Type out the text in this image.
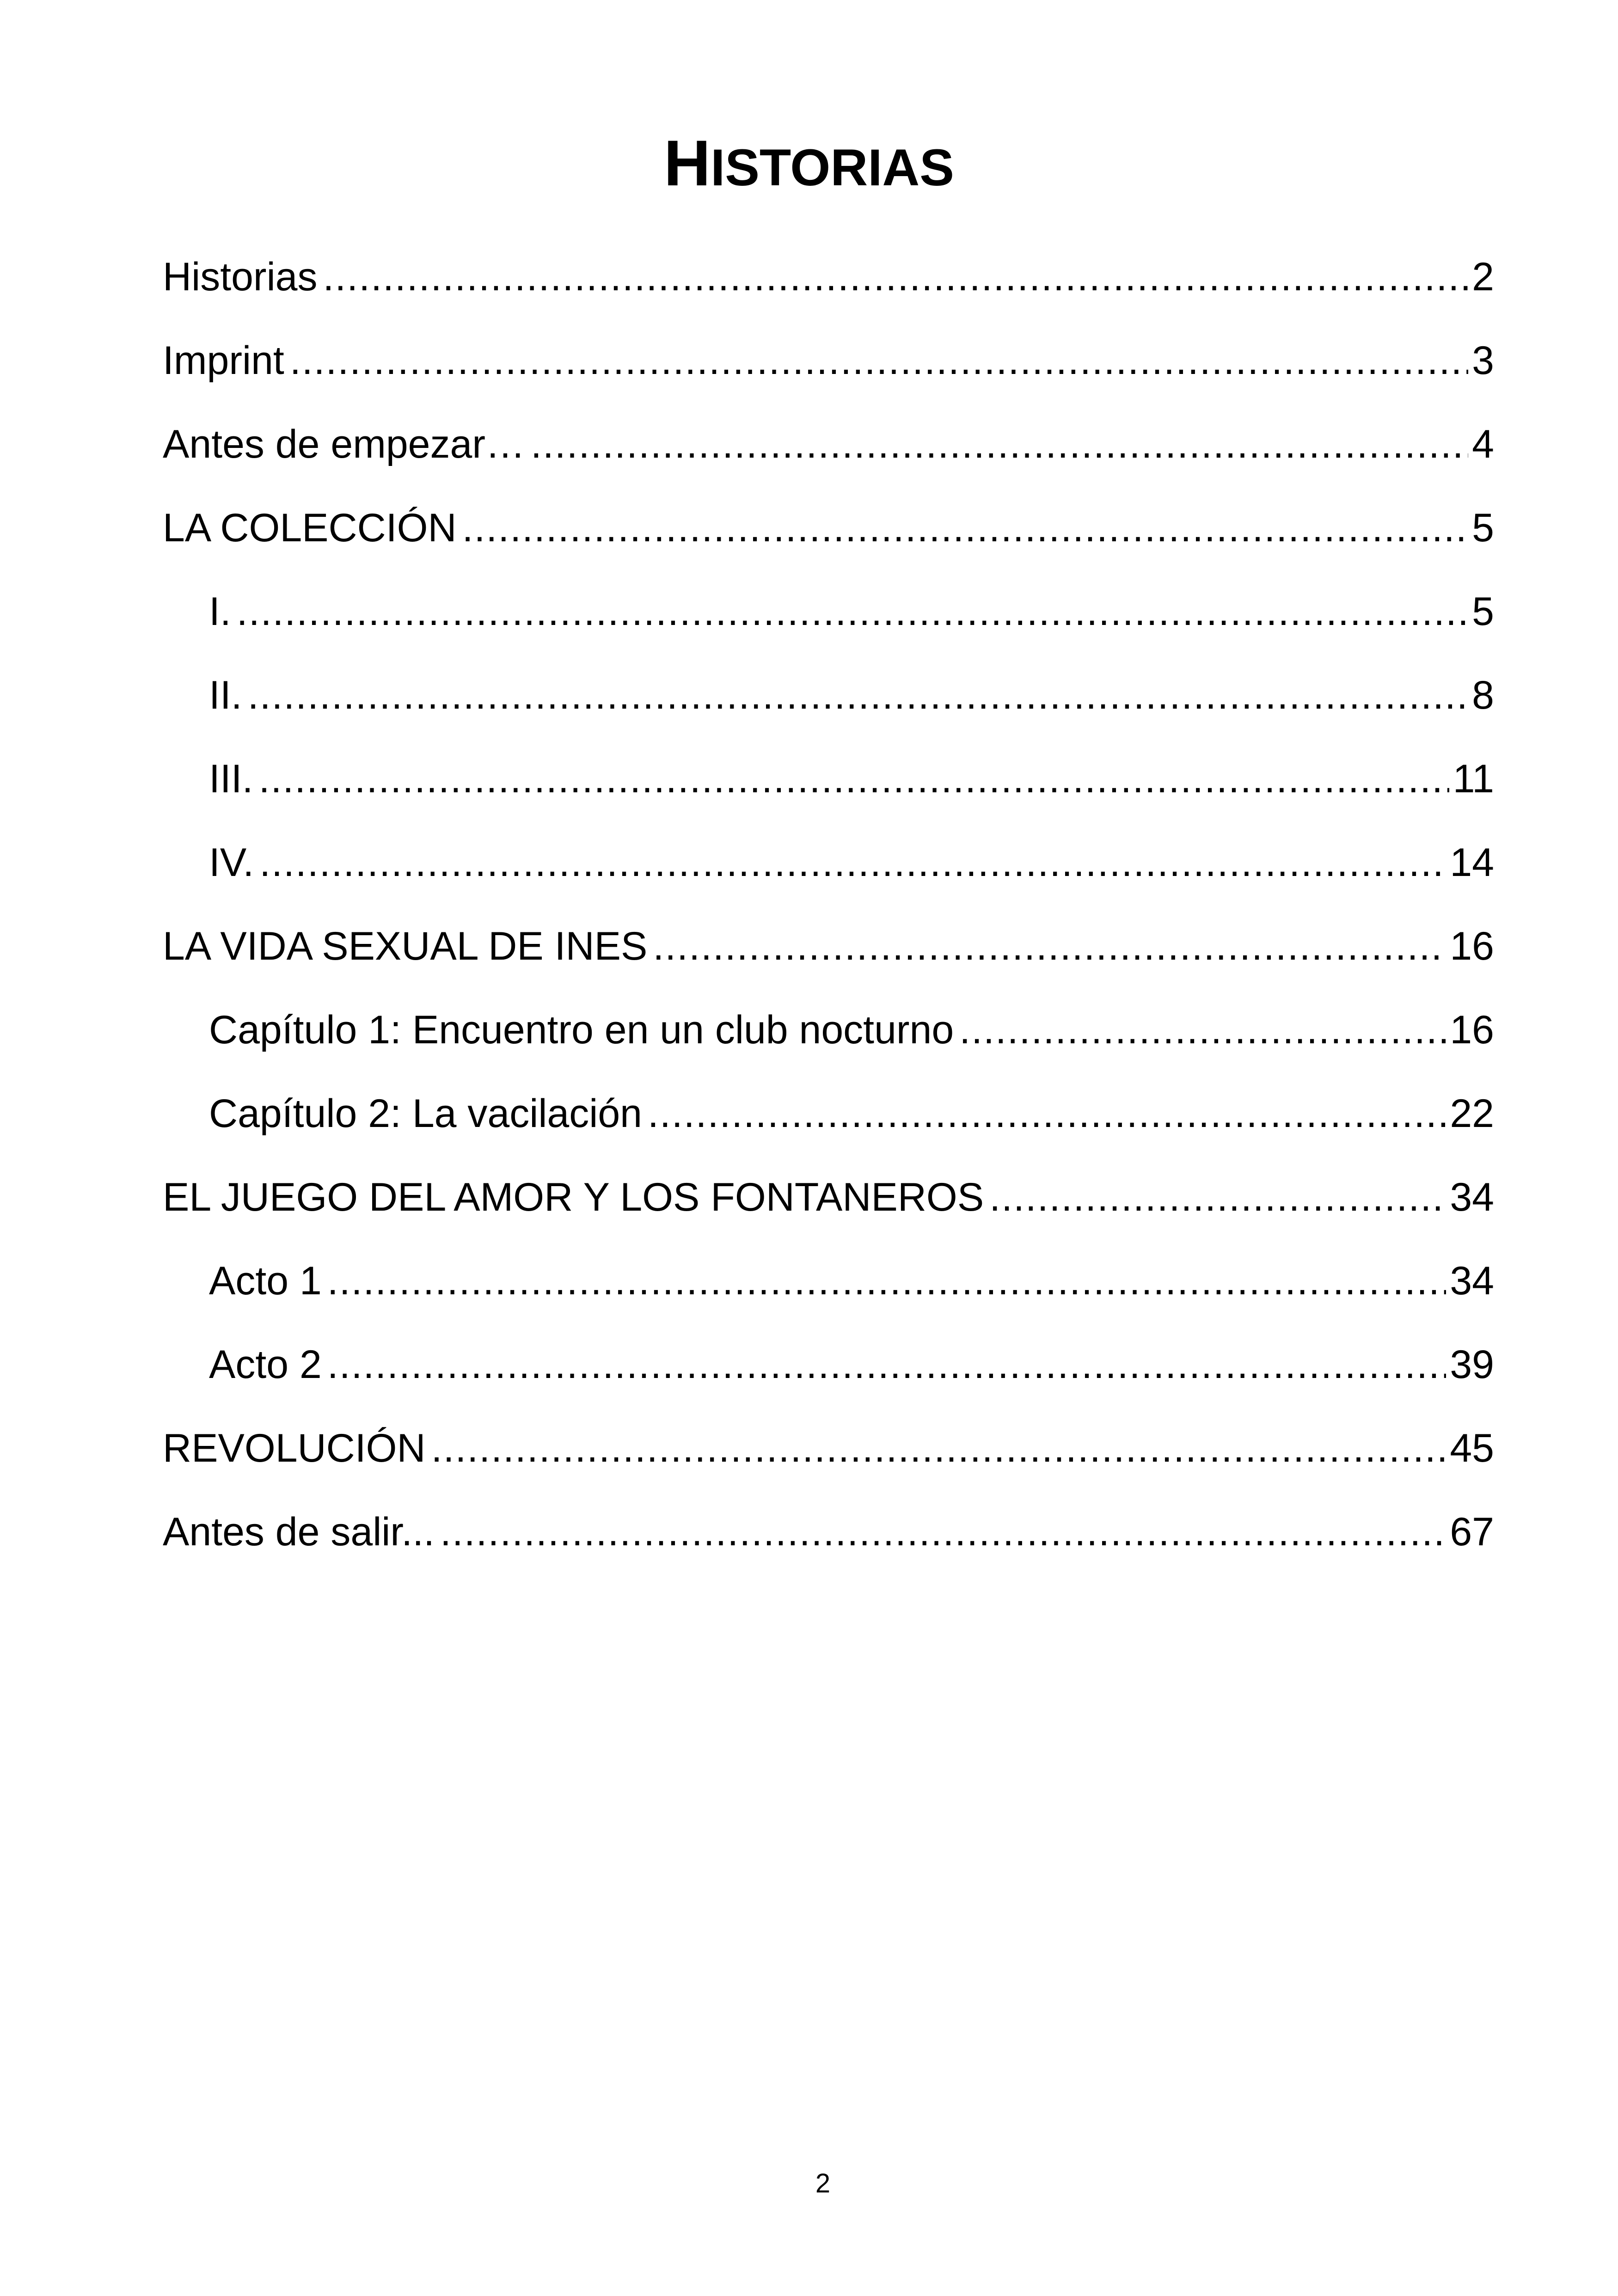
HISTORIAS
Historias .....	2
Imprint .....	3
Antes de empezar… .....	4
LA COLECCIÓN .....	5
I. .....	5
II. .....	8
III. .....	11
IV. .....	14
LA VIDA SEXUAL DE INES .....	16
Capítulo 1: Encuentro en un club nocturno .....	16
Capítulo 2: La vacilación .....	22
EL JUEGO DEL AMOR Y LOS FONTANEROS .....	34
Acto 1 .....	34
Acto 2 .....	39
REVOLUCIÓN .....	45
Antes de salir... .....	67
2
